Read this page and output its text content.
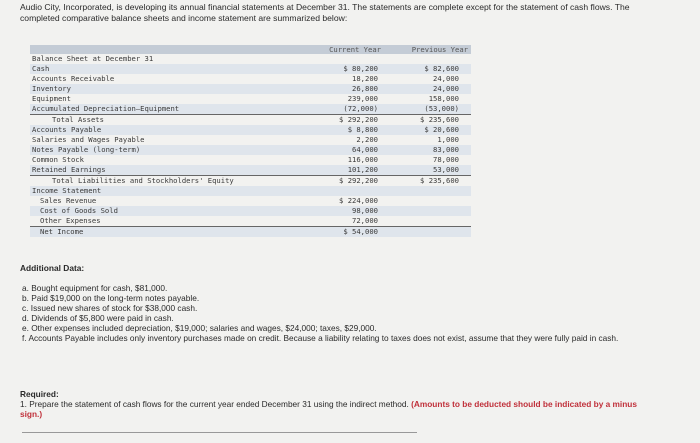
Audio City, Incorporated, is developing its annual financial statements at December 31. The statements are complete except for the statement of cash flows. The completed comparative balance sheets and income statement are summarized below:
Current Year	Previous Year
Balance Sheet at December 31
Cash	$ 80,200	$ 82,600
Accounts Receivable	18,200	24,000
Inventory	26,800	24,000
Equipment	239,000	158,000
Accumulated Depreciation–Equipment	(72,000)	(53,000)
Total Assets	$ 292,200	$ 235,600
Accounts Payable	$ 8,800	$ 20,600
Salaries and Wages Payable	2,200	1,000
Notes Payable (long-term)	64,000	83,000
Common Stock	116,000	78,000
Retained Earnings	101,200	53,000
Total Liabilities and Stockholders' Equity	$ 292,200	$ 235,600
Income Statement
Sales Revenue	$ 224,000
Cost of Goods Sold	98,000
Other Expenses	72,000
Net Income	$ 54,000
Additional Data:
a. Bought equipment for cash, $81,000.
b. Paid $19,000 on the long-term notes payable.
c. Issued new shares of stock for $38,000 cash.
d. Dividends of $5,800 were paid in cash.
e. Other expenses included depreciation, $19,000; salaries and wages, $24,000; taxes, $29,000.
f. Accounts Payable includes only inventory purchases made on credit. Because a liability relating to taxes does not exist, assume that they were fully paid in cash.
Required:
1. Prepare the statement of cash flows for the current year ended December 31 using the indirect method. (Amounts to be deducted should be indicated by a minus sign.)
